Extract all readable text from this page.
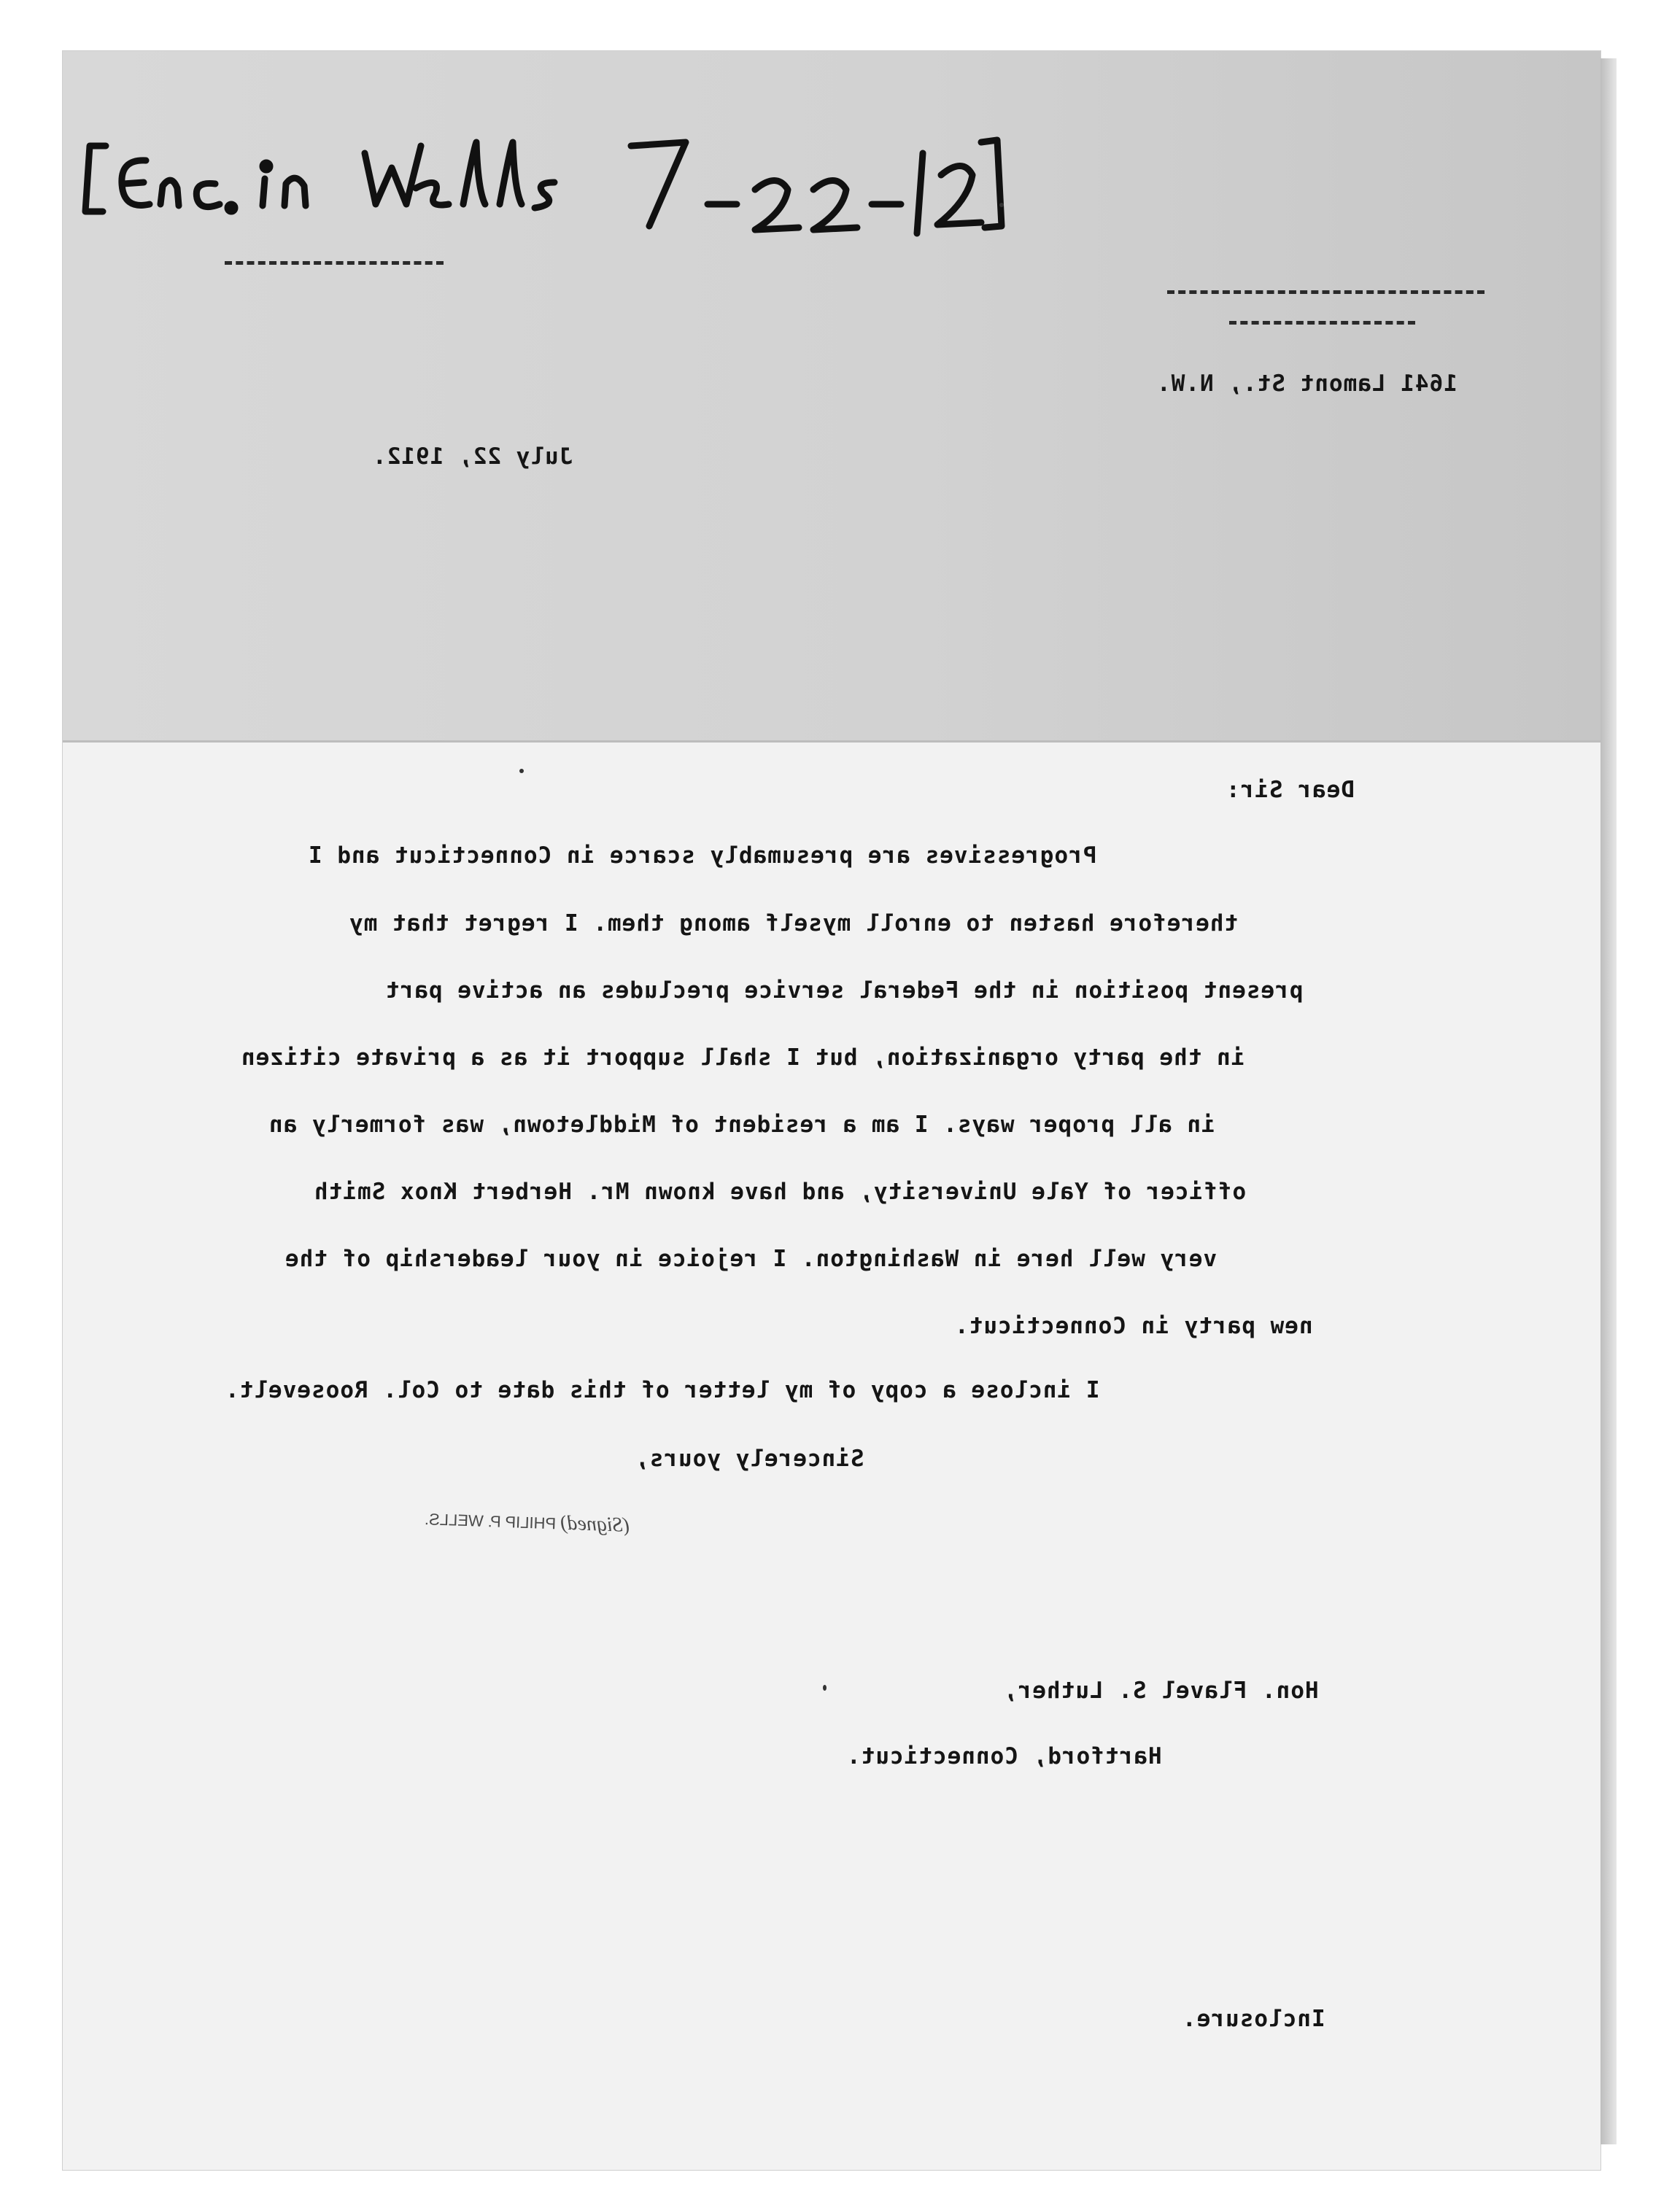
1641 Lamont St., N.W.
July 22, 1912.
Dear Sir:
Progressives are presumably scarce in Connecticut and I
therefore hasten to enroll myself among them. I regret that my
present position in the Federal service precludes an active part
in the party organization, but I shall support it as a private citizen
in all proper ways. I am a resident of Middletown, was formerly an
officer of Yale University, and have known Mr. Herbert Knox Smith
very well here in Washington. I rejoice in your leadership of the
new party in Connecticut.
I inclose a copy of my letter of this date to Col. Roosevelt.
Sincerely yours,
(Signed) PHILIP P. WELLS.
Hon. Flavel S. Luther,
Hartford, Connecticut.
Inclosure.
